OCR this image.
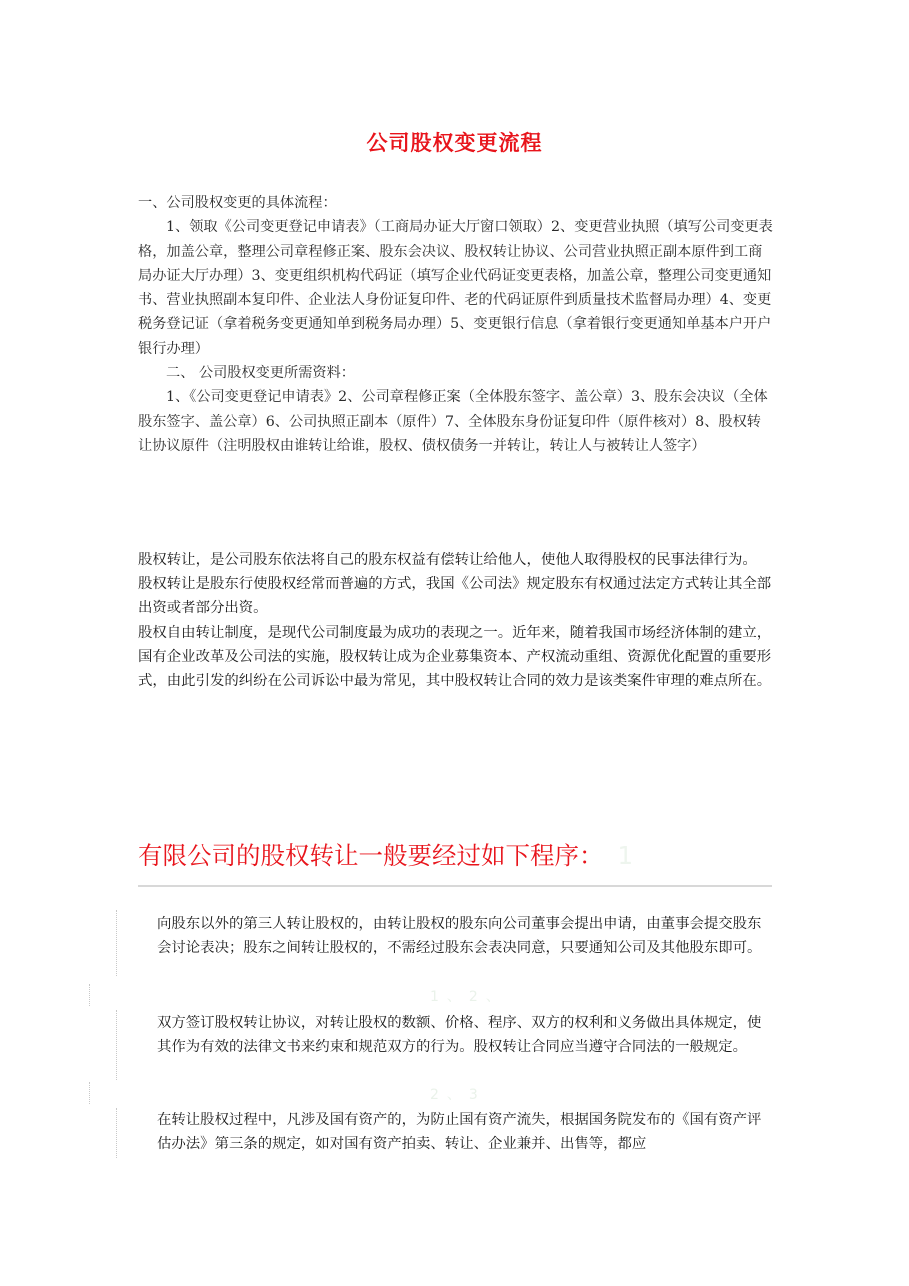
公司股权变更流程

一、公司股权变更的具体流程：

1、领取《公司变更登记申请表》（工商局办证大厅窗口领取）2、变更营业执照（填写公司变更表格，加盖公章，整理公司章程修正案、股东会决议、股权转让协议、公司营业执照正副本原件到工商局办证大厅办理）3、变更组织机构代码证（填写企业代码证变更表格，加盖公章，整理公司变更通知书、营业执照副本复印件、企业法人身份证复印件、老的代码证原件到质量技术监督局办理）4、变更税务登记证（拿着税务变更通知单到税务局办理）5、变更银行信息（拿着银行变更通知单基本户开户银行办理）

二、 公司股权变更所需资料：

1、《公司变更登记申请表》2、公司章程修正案（全体股东签字、盖公章）3、股东会决议（全体股东签字、盖公章）6、公司执照正副本（原件）7、全体股东身份证复印件（原件核对）8、股权转让协议原件（注明股权由谁转让给谁，股权、债权债务一并转让，转让人与被转让人签字）

股权转让，是公司股东依法将自己的股东权益有偿转让给他人，使他人取得股权的民事法律行为。

股权转让是股东行使股权经常而普遍的方式，我国《公司法》规定股东有权通过法定方式转让其全部出资或者部分出资。

股权自由转让制度，是现代公司制度最为成功的表现之一。近年来，随着我国市场经济体制的建立，国有企业改革及公司法的实施，股权转让成为企业募集资本、产权流动重组、资源优化配置的重要形式，由此引发的纠纷在公司诉讼中最为常见，其中股权转让合同的效力是该类案件审理的难点所在。

有限公司的股权转让一般要经过如下程序： 1

向股东以外的第三人转让股权的，由转让股权的股东向公司董事会提出申请，由董事会提交股东会讨论表决；股东之间转让股权的，不需经过股东会表决同意，只要通知公司及其他股东即可。

1、2、

双方签订股权转让协议，对转让股权的数额、价格、程序、双方的权利和义务做出具体规定，使其作为有效的法律文书来约束和规范双方的行为。股权转让合同应当遵守合同法的一般规定。

2、3

在转让股权过程中，凡涉及国有资产的，为防止国有资产流失，根据国务院发布的《国有资产评估办法》第三条的规定，如对国有资产拍卖、转让、企业兼并、出售等，都应
